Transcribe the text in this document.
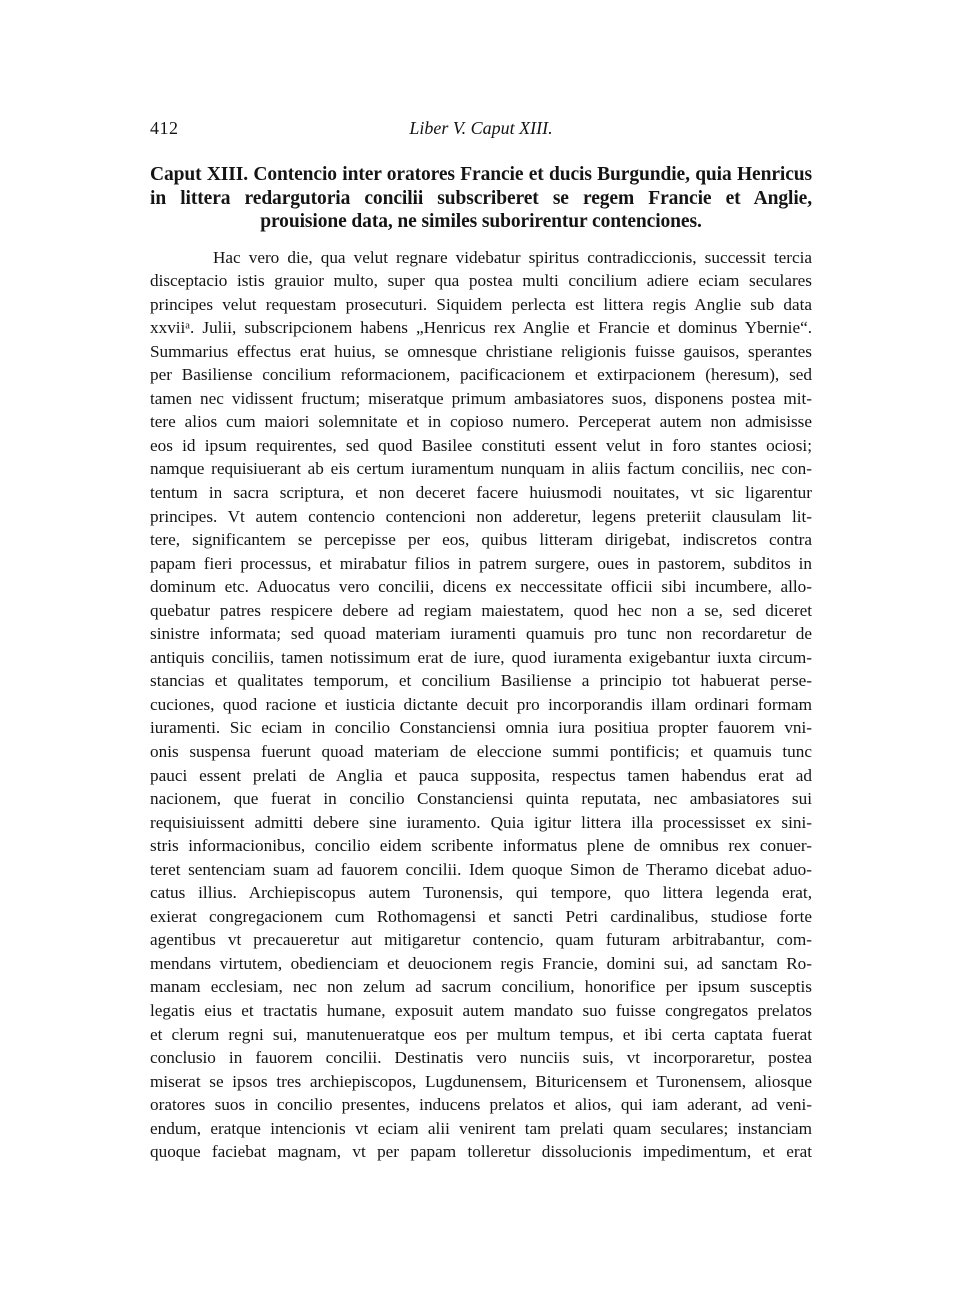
412	Liber V. Caput XIII.
Caput XIII. Contencio inter oratores Francie et ducis Burgundie, quia Henricus in littera redargutoria concilii subscriberet se regem Francie et Anglie, prouisione data, ne similes suborirentur contenciones.
Hac vero die, qua velut regnare videbatur spiritus contradiccionis, successit tercia
disceptacio istis grauior multo, super qua postea multi concilium adiere eciam seculares
principes velut requestam prosecuturi. Siquidem perlecta est littera regis Anglie sub data
xxviiᵃ. Julii, subscripcionem habens „Henricus rex Anglie et Francie et dominus Ybernie“.
Summarius effectus erat huius, se omnesque christiane religionis fuisse gauisos, sperantes
per Basiliense concilium reformacionem, pacificacionem et extirpacionem (heresum), sed
tamen nec vidissent fructum; miseratque primum ambasiatores suos, disponens postea mit-
tere alios cum maiori solemnitate et in copioso numero. Perceperat autem non admisisse
eos id ipsum requirentes, sed quod Basilee constituti essent velut in foro stantes ociosi;
namque requisiuerant ab eis certum iuramentum nunquam in aliis factum conciliis, nec con-
tentum in sacra scriptura, et non deceret facere huiusmodi nouitates, vt sic ligarentur
principes. Vt autem contencio contencioni non adderetur, legens preteriit clausulam lit-
tere, significantem se percepisse per eos, quibus litteram dirigebat, indiscretos contra
papam fieri processus, et mirabatur filios in patrem surgere, oues in pastorem, subditos in
dominum etc. Aduocatus vero concilii, dicens ex neccessitate officii sibi incumbere, allo-
quebatur patres respicere debere ad regiam maiestatem, quod hec non a se, sed diceret
sinistre informata; sed quoad materiam iuramenti quamuis pro tunc non recordaretur de
antiquis conciliis, tamen notissimum erat de iure, quod iuramenta exigebantur iuxta circum-
stancias et qualitates temporum, et concilium Basiliense a principio tot habuerat perse-
cuciones, quod racione et iusticia dictante decuit pro incorporandis illam ordinari formam
iuramenti. Sic eciam in concilio Constanciensi omnia iura positiua propter fauorem vni-
onis suspensa fuerunt quoad materiam de eleccione summi pontificis; et quamuis tunc
pauci essent prelati de Anglia et pauca supposita, respectus tamen habendus erat ad
nacionem, que fuerat in concilio Constanciensi quinta reputata, nec ambasiatores sui
requisiuissent admitti debere sine iuramento. Quia igitur littera illa processisset ex sini-
stris informacionibus, concilio eidem scribente informatus plene de omnibus rex conuer-
teret sentenciam suam ad fauorem concilii. Idem quoque Simon de Theramo dicebat aduo-
catus illius. Archiepiscopus autem Turonensis, qui tempore, quo littera legenda erat,
exierat congregacionem cum Rothomagensi et sancti Petri cardinalibus, studiose forte
agentibus vt precaueretur aut mitigaretur contencio, quam futuram arbitrabantur, com-
mendans virtutem, obedienciam et deuocionem regis Francie, domini sui, ad sanctam Ro-
manam ecclesiam, nec non zelum ad sacrum concilium, honorifice per ipsum susceptis
legatis eius et tractatis humane, exposuit autem mandato suo fuisse congregatos prelatos
et clerum regni sui, manutenueratque eos per multum tempus, et ibi certa captata fuerat
conclusio in fauorem concilii. Destinatis vero nunciis suis, vt incorporaretur, postea
miserat se ipsos tres archiepiscopos, Lugdunensem, Bituricensem et Turonensem, aliosque
oratores suos in concilio presentes, inducens prelatos et alios, qui iam aderant, ad veni-
endum, eratque intencionis vt eciam alii venirent tam prelati quam seculares; instanciam
quoque faciebat magnam, vt per papam tolleretur dissolucionis impedimentum, et erat
